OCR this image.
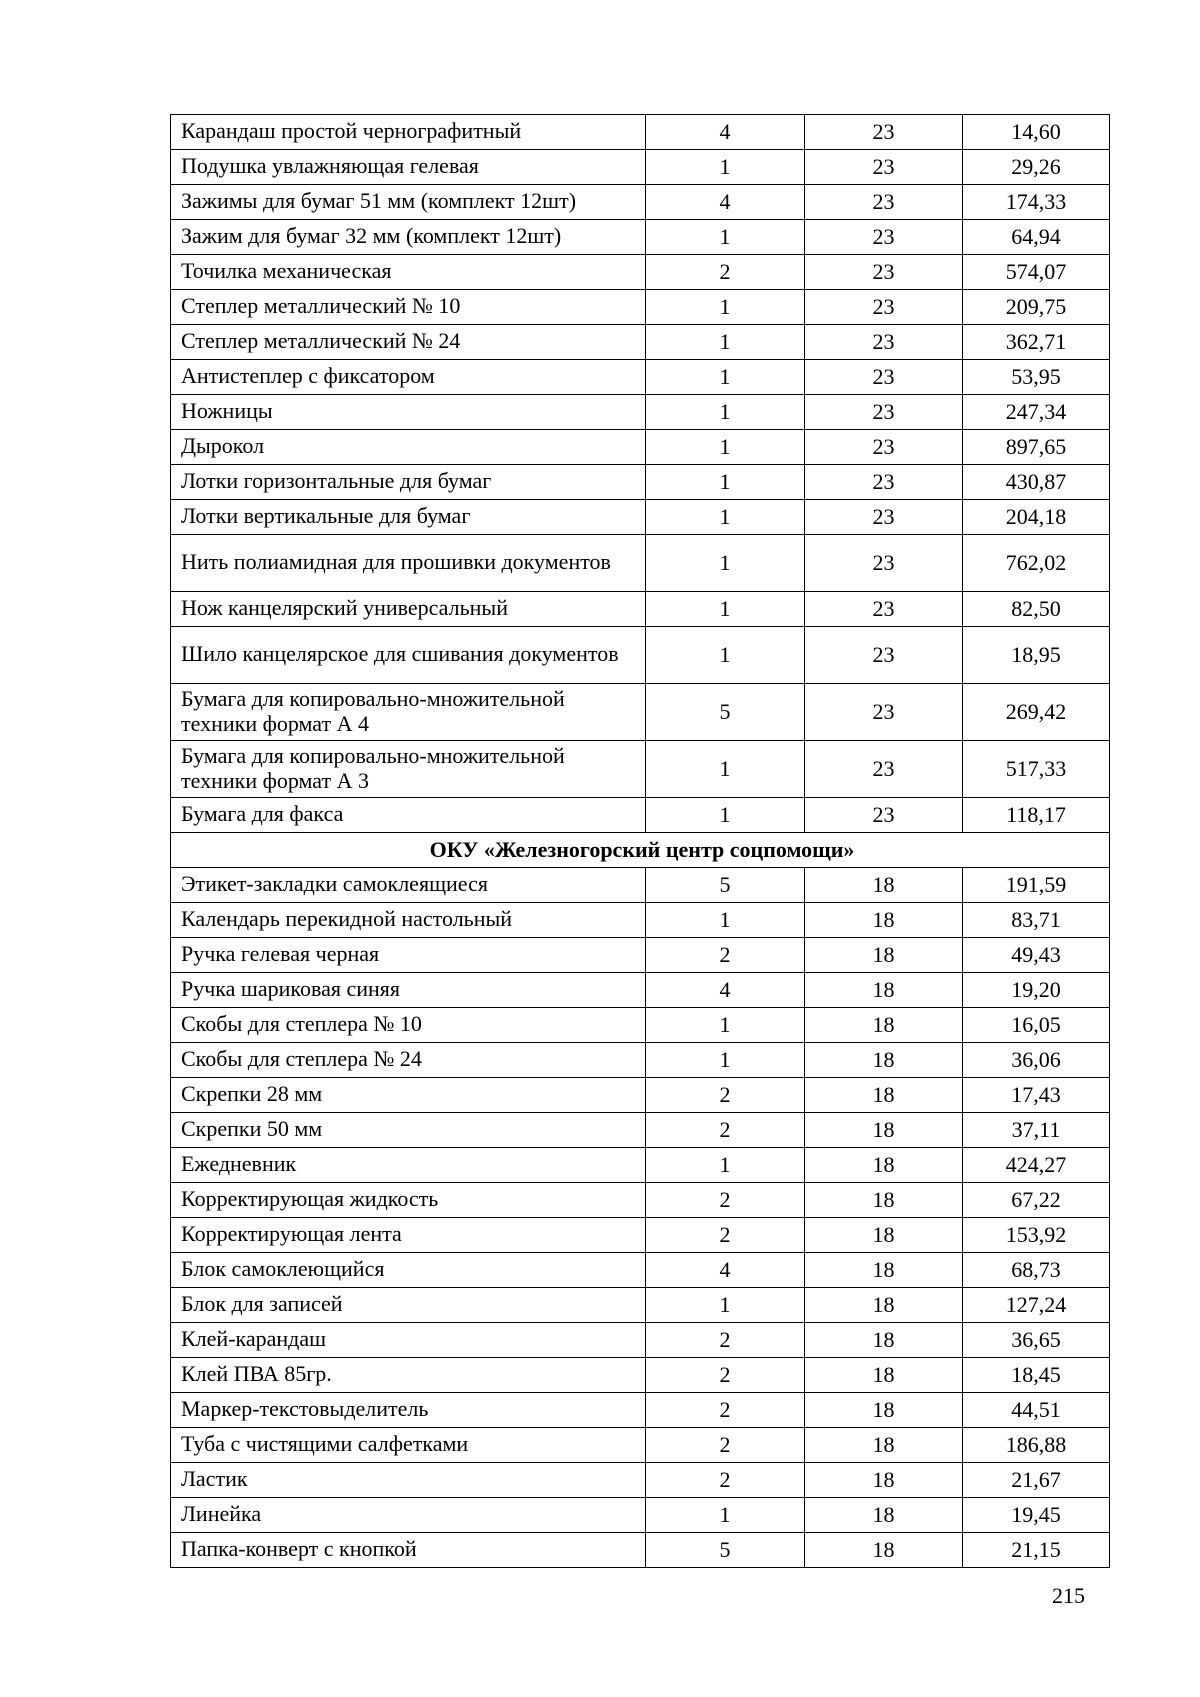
Карандаш простой чернографитный	4	23	14,60
Подушка увлажняющая гелевая	1	23	29,26
Зажимы для бумаг 51 мм (комплект 12шт)	4	23	174,33
Зажим для бумаг 32 мм (комплект 12шт)	1	23	64,94
Точилка механическая	2	23	574,07
Степлер металлический № 10	1	23	209,75
Степлер металлический № 24	1	23	362,71
Антистеплер с фиксатором	1	23	53,95
Ножницы	1	23	247,34
Дырокол	1	23	897,65
Лотки горизонтальные для бумаг	1	23	430,87
Лотки вертикальные для бумаг	1	23	204,18
Нить полиамидная для прошивки документов	1	23	762,02
Нож канцелярский универсальный	1	23	82,50
Шило канцелярское для сшивания документов	1	23	18,95
Бумага для копировально-множительной техники формат А 4	5	23	269,42
Бумага для копировально-множительной техники формат А 3	1	23	517,33
Бумага для факса	1	23	118,17
ОКУ «Железногорский центр соцпомощи»			
Этикет-закладки самоклеящиеся	5	18	191,59
Календарь перекидной настольный	1	18	83,71
Ручка гелевая черная	2	18	49,43
Ручка шариковая синяя	4	18	19,20
Скобы для степлера № 10	1	18	16,05
Скобы для степлера № 24	1	18	36,06
Скрепки 28 мм	2	18	17,43
Скрепки 50 мм	2	18	37,11
Ежедневник	1	18	424,27
Корректирующая жидкость	2	18	67,22
Корректирующая лента	2	18	153,92
Блок самоклеющийся	4	18	68,73
Блок для записей	1	18	127,24
Клей-карандаш	2	18	36,65
Клей ПВА 85гр.	2	18	18,45
Маркер-текстовыделитель	2	18	44,51
Туба с чистящими салфетками	2	18	186,88
Ластик	2	18	21,67
Линейка	1	18	19,45
Папка-конверт с кнопкой	5	18	21,15
215
